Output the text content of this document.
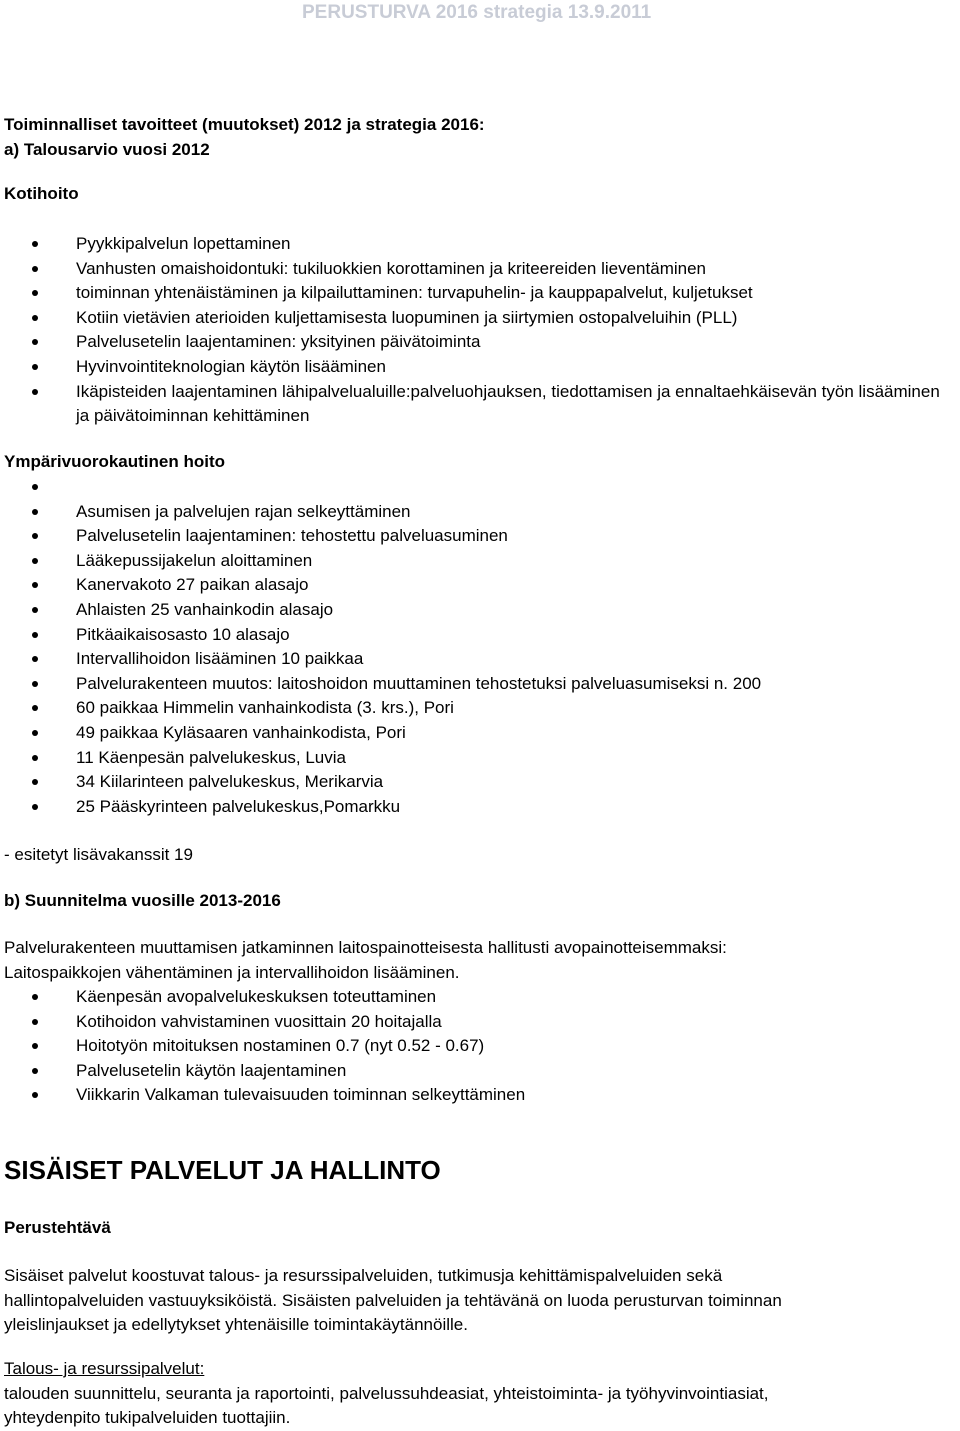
PERUSTURVA 2016 strategia 13.9.2011
Toiminnalliset tavoitteet (muutokset) 2012 ja strategia 2016:
a) Talousarvio vuosi 2012
Kotihoito
Pyykkipalvelun lopettaminen
Vanhusten omaishoidontuki: tukiluokkien korottaminen ja kriteereiden lieventäminen
toiminnan yhtenäistäminen ja kilpailuttaminen: turvapuhelin- ja kauppapalvelut, kuljetukset
Kotiin vietävien aterioiden kuljettamisesta luopuminen ja siirtymien ostopalveluihin (PLL)
Palvelusetelin laajentaminen: yksityinen päivätoiminta
Hyvinvointiteknologian käytön lisääminen
Ikäpisteiden laajentaminen lähipalvelualuille:palveluohjauksen, tiedottamisen ja ennaltaehkäisevän työn lisääminen ja päivätoiminnan kehittäminen
Ympärivuorokautinen hoito
Asumisen ja palvelujen rajan selkeyttäminen
Palvelusetelin laajentaminen: tehostettu palveluasuminen
Lääkepussijakelun aloittaminen
Kanervakoto 27 paikan alasajo
Ahlaisten 25 vanhainkodin alasajo
Pitkäaikaisosasto 10 alasajo
Intervallihoidon lisääminen 10 paikkaa
Palvelurakenteen muutos: laitoshoidon muuttaminen tehostetuksi palveluasumiseksi n. 200
60 paikkaa Himmelin vanhainkodista (3. krs.), Pori
49 paikkaa Kyläsaaren vanhainkodista, Pori
11 Käenpesän palvelukeskus, Luvia
34 Kiilarinteen palvelukeskus, Merikarvia
25 Pääskyrinteen palvelukeskus,Pomarkku
- esitetyt lisävakanssit 19
b) Suunnitelma vuosille 2013-2016
Palvelurakenteen muuttamisen jatkaminnen laitospainotteisesta hallitusti avopainotteisemmaksi:
Laitospaikkojen vähentäminen ja intervallihoidon lisääminen.
Käenpesän avopalvelukeskuksen toteuttaminen
Kotihoidon vahvistaminen vuosittain 20 hoitajalla
Hoitotyön mitoituksen nostaminen 0.7 (nyt 0.52 - 0.67)
Palvelusetelin käytön laajentaminen
Viikkarin Valkaman tulevaisuuden toiminnan selkeyttäminen
SISÄISET PALVELUT JA HALLINTO
Perustehtävä
Sisäiset palvelut koostuvat talous- ja resurssipalveluiden, tutkimusja kehittämispalveluiden sekä
hallintopalveluiden vastuuyksiköistä. Sisäisten palveluiden ja tehtävänä on luoda perusturvan toiminnan
yleislinjaukset ja edellytykset yhtenäisille toimintakäytännöille.
Talous- ja resurssipalvelut:
talouden suunnittelu, seuranta ja raportointi, palvelussuhdeasiat, yhteistoiminta- ja työhyvinvointiasiat,
yhteydenpito tukipalveluiden tuottajiin.
